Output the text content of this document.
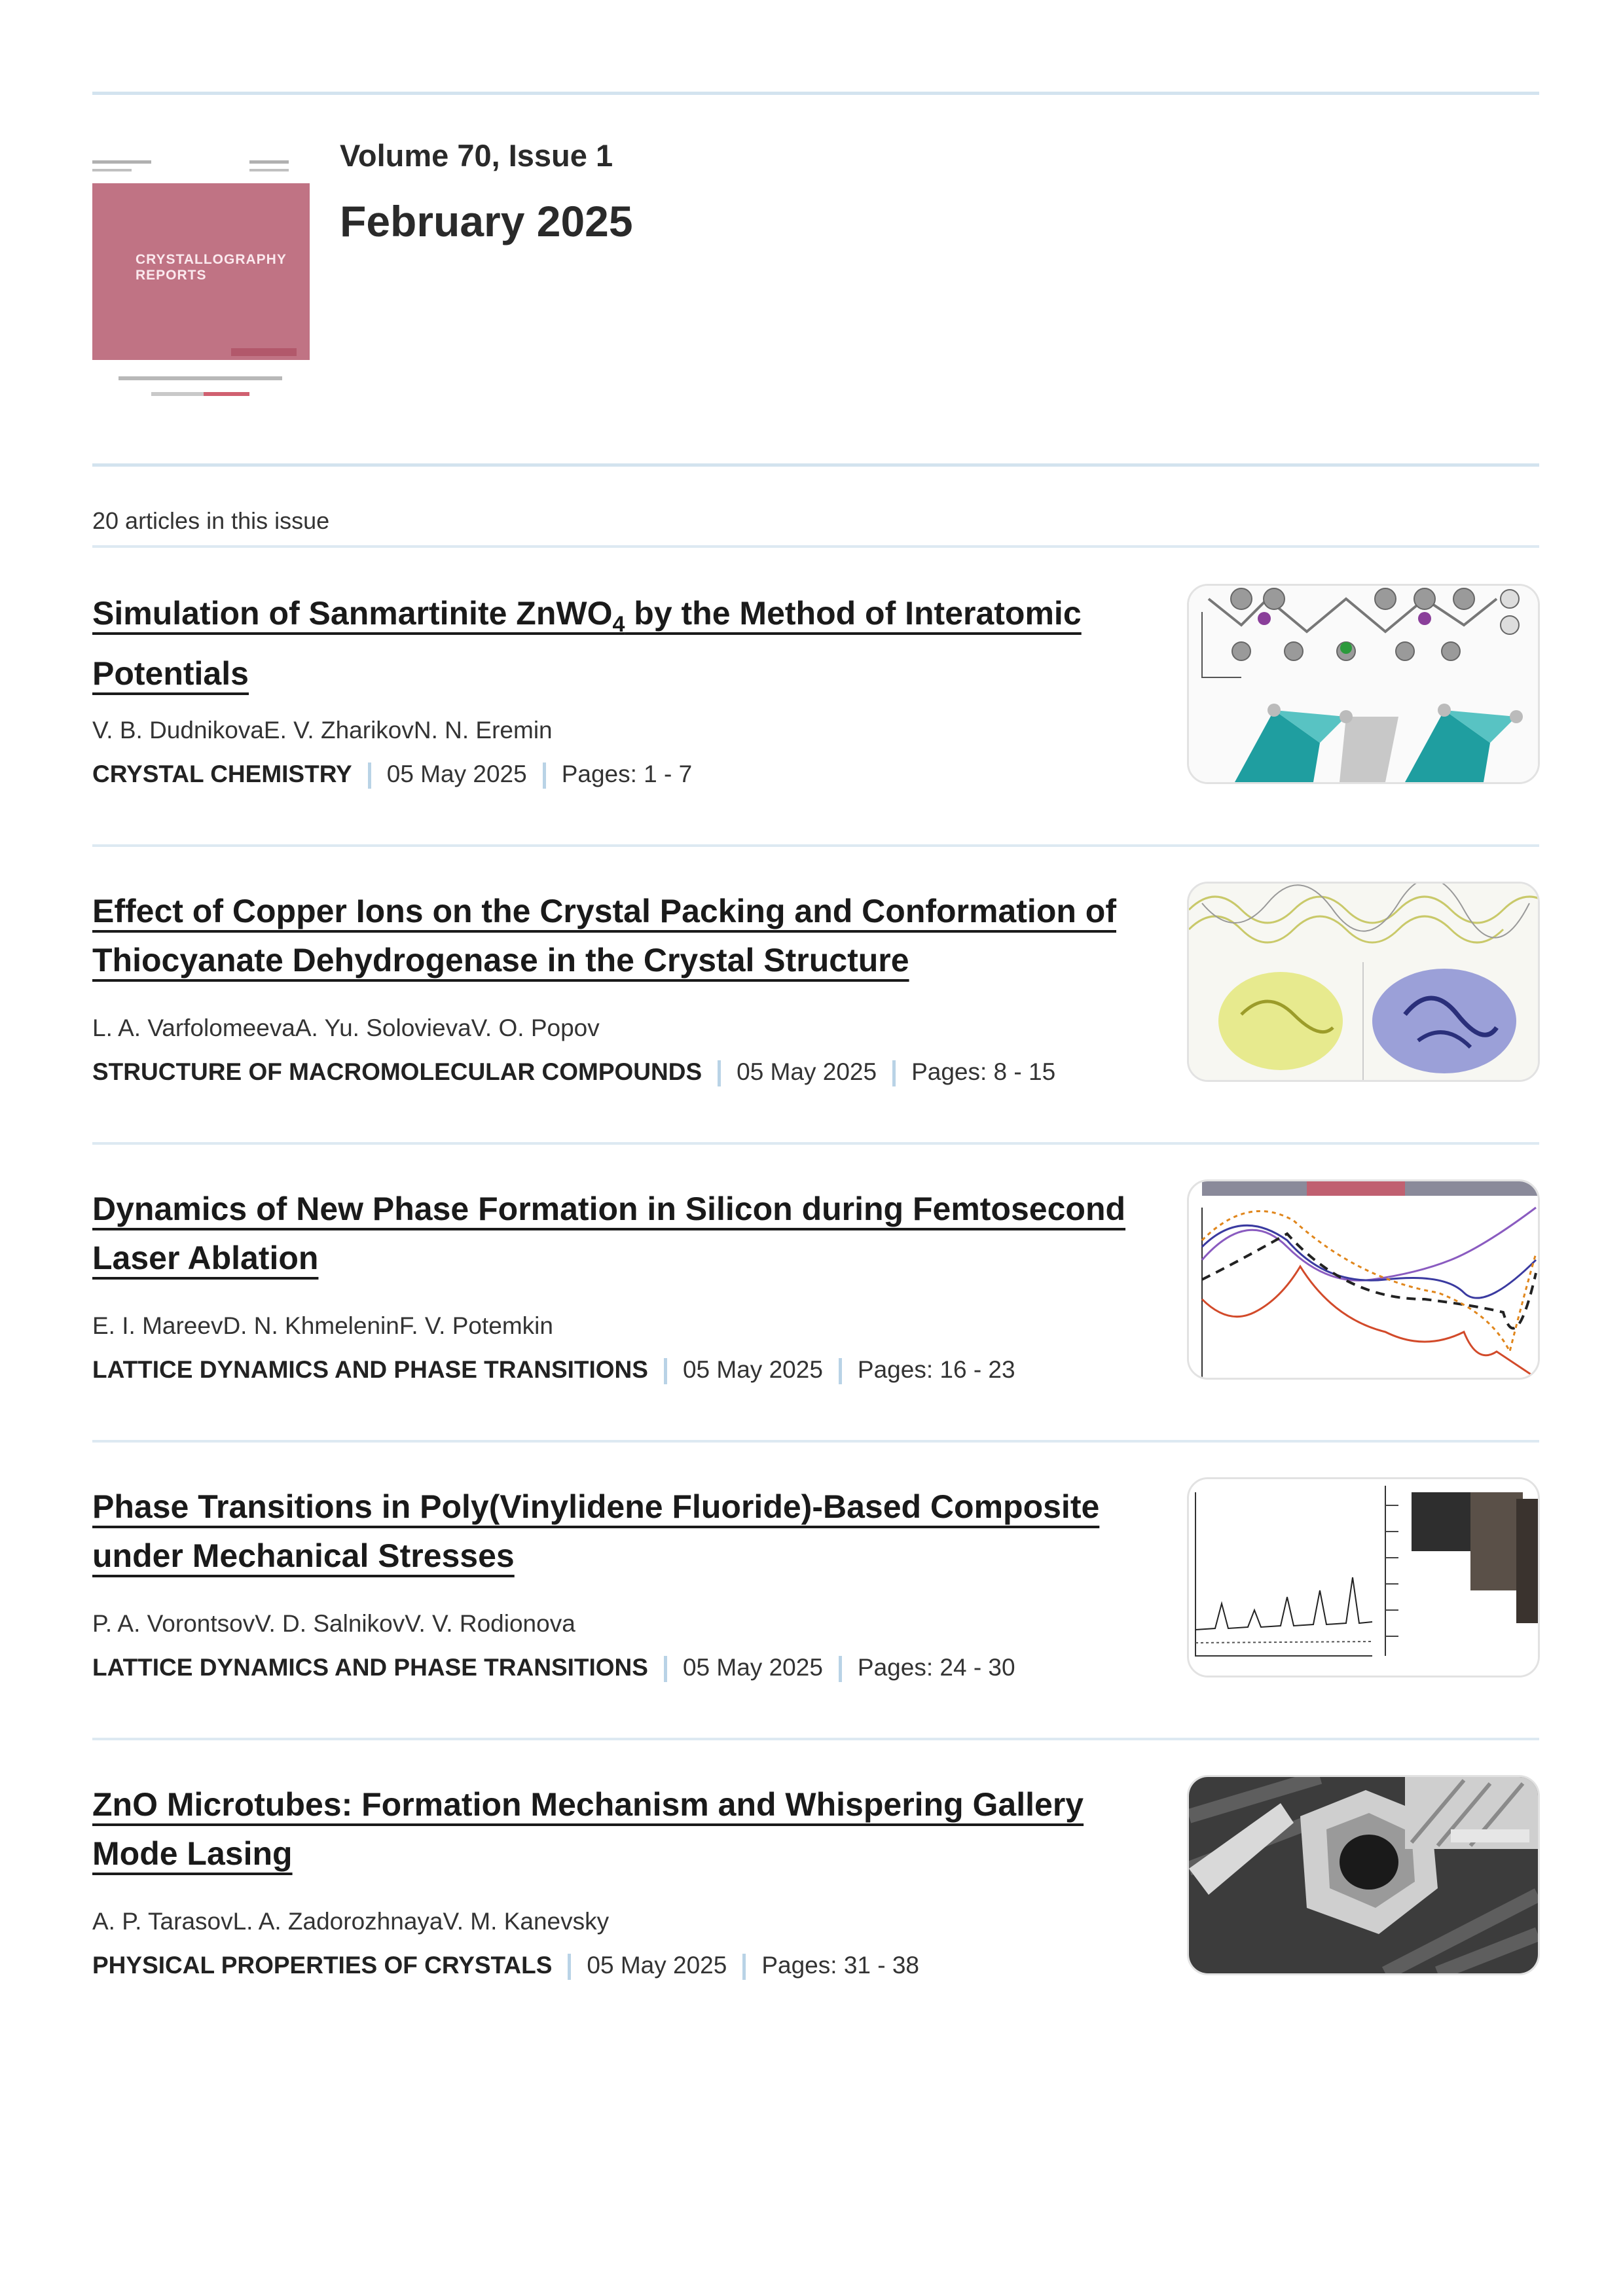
CRYSTALLOGRAPHY REPORTS
Volume 70, Issue 1
February 2025
20 articles in this issue
Simulation of Sanmartinite ZnWO$_4$ by the Method of Interatomic Potentials
V. B. DudnikovaE. V. ZharikovN. N. Eremin
CRYSTAL CHEMISTRY 05 May 2025 Pages: 1 - 7
Effect of Copper Ions on the Crystal Packing and Conformation of Thiocyanate Dehydrogenase in the Crystal Structure
L. A. VarfolomeevaA. Yu. SolovievaV. O. Popov
STRUCTURE OF MACROMOLECULAR COMPOUNDS 05 May 2025 Pages: 8 - 15
Dynamics of New Phase Formation in Silicon during Femtosecond Laser Ablation
E. I. MareevD. N. KhmeleninF. V. Potemkin
LATTICE DYNAMICS AND PHASE TRANSITIONS 05 May 2025 Pages: 16 - 23
Phase Transitions in Poly(Vinylidene Fluoride)-Based Composite under Mechanical Stresses
P. A. VorontsovV. D. SalnikovV. V. Rodionova
LATTICE DYNAMICS AND PHASE TRANSITIONS 05 May 2025 Pages: 24 - 30
ZnO Microtubes: Formation Mechanism and Whispering Gallery Mode Lasing
A. P. TarasovL. A. ZadorozhnayaV. M. Kanevsky
PHYSICAL PROPERTIES OF CRYSTALS 05 May 2025 Pages: 31 - 38
